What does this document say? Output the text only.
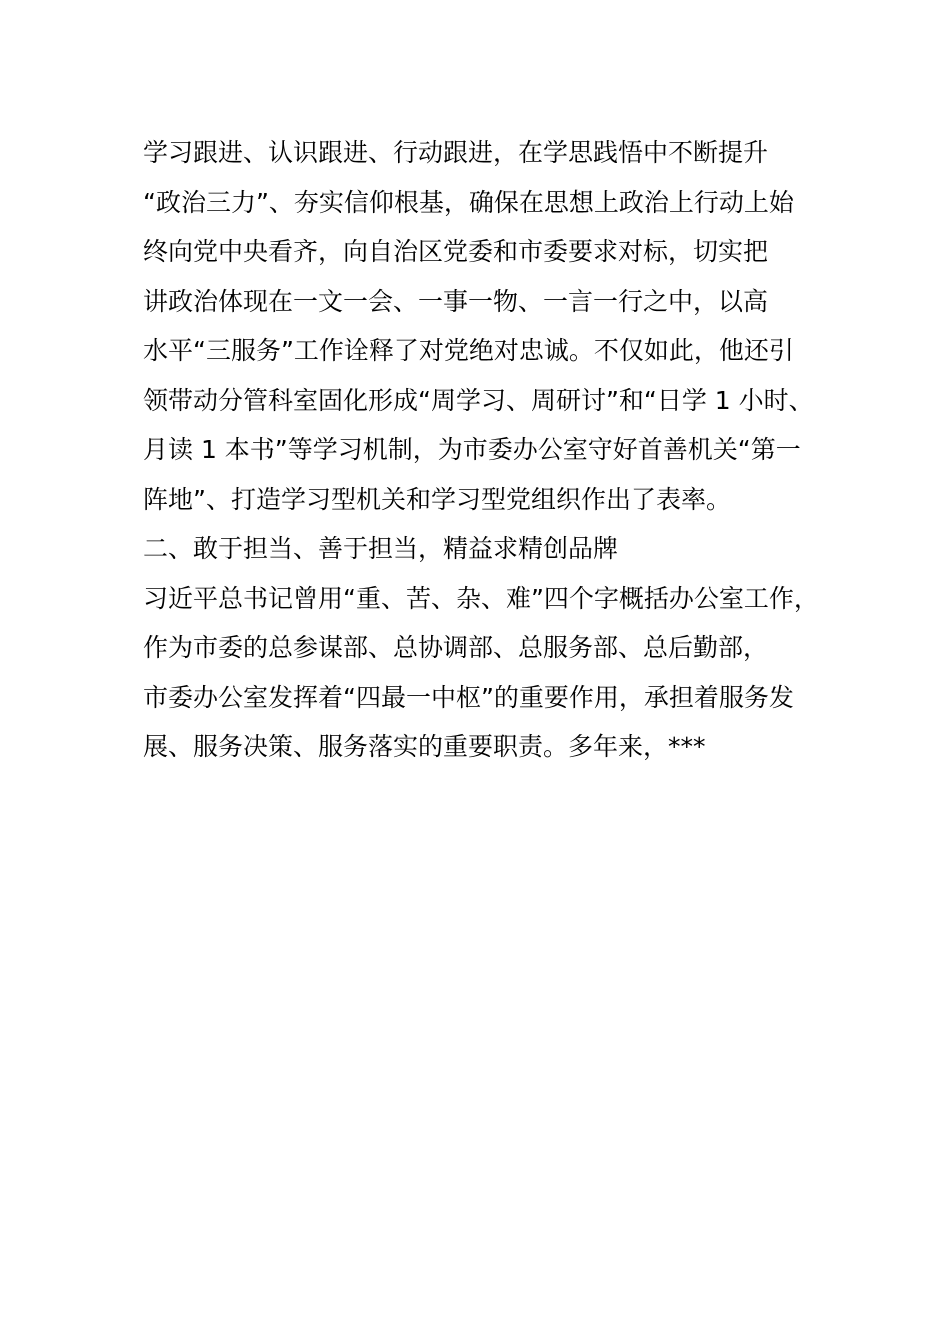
学习跟进、认识跟进、行动跟进，在学思践悟中不断提升
“政治三力”、夯实信仰根基，确保在思想上政治上行动上始
终向党中央看齐，向自治区党委和市委要求对标，切实把
讲政治体现在一文一会、一事一物、一言一行之中，以高
水平“三服务”工作诠释了对党绝对忠诚。不仅如此，他还引
领带动分管科室固化形成“周学习、周研讨”和“日学 1 小时、
月读 1 本书”等学习机制，为市委办公室守好首善机关“第一
阵地”、打造学习型机关和学习型党组织作出了表率。
二、敢于担当、善于担当，精益求精创品牌
习近平总书记曾用“重、苦、杂、难”四个字概括办公室工作，
作为市委的总参谋部、总协调部、总服务部、总后勤部，
市委办公室发挥着“四最一中枢”的重要作用，承担着服务发
展、服务决策、服务落实的重要职责。多年来，***
